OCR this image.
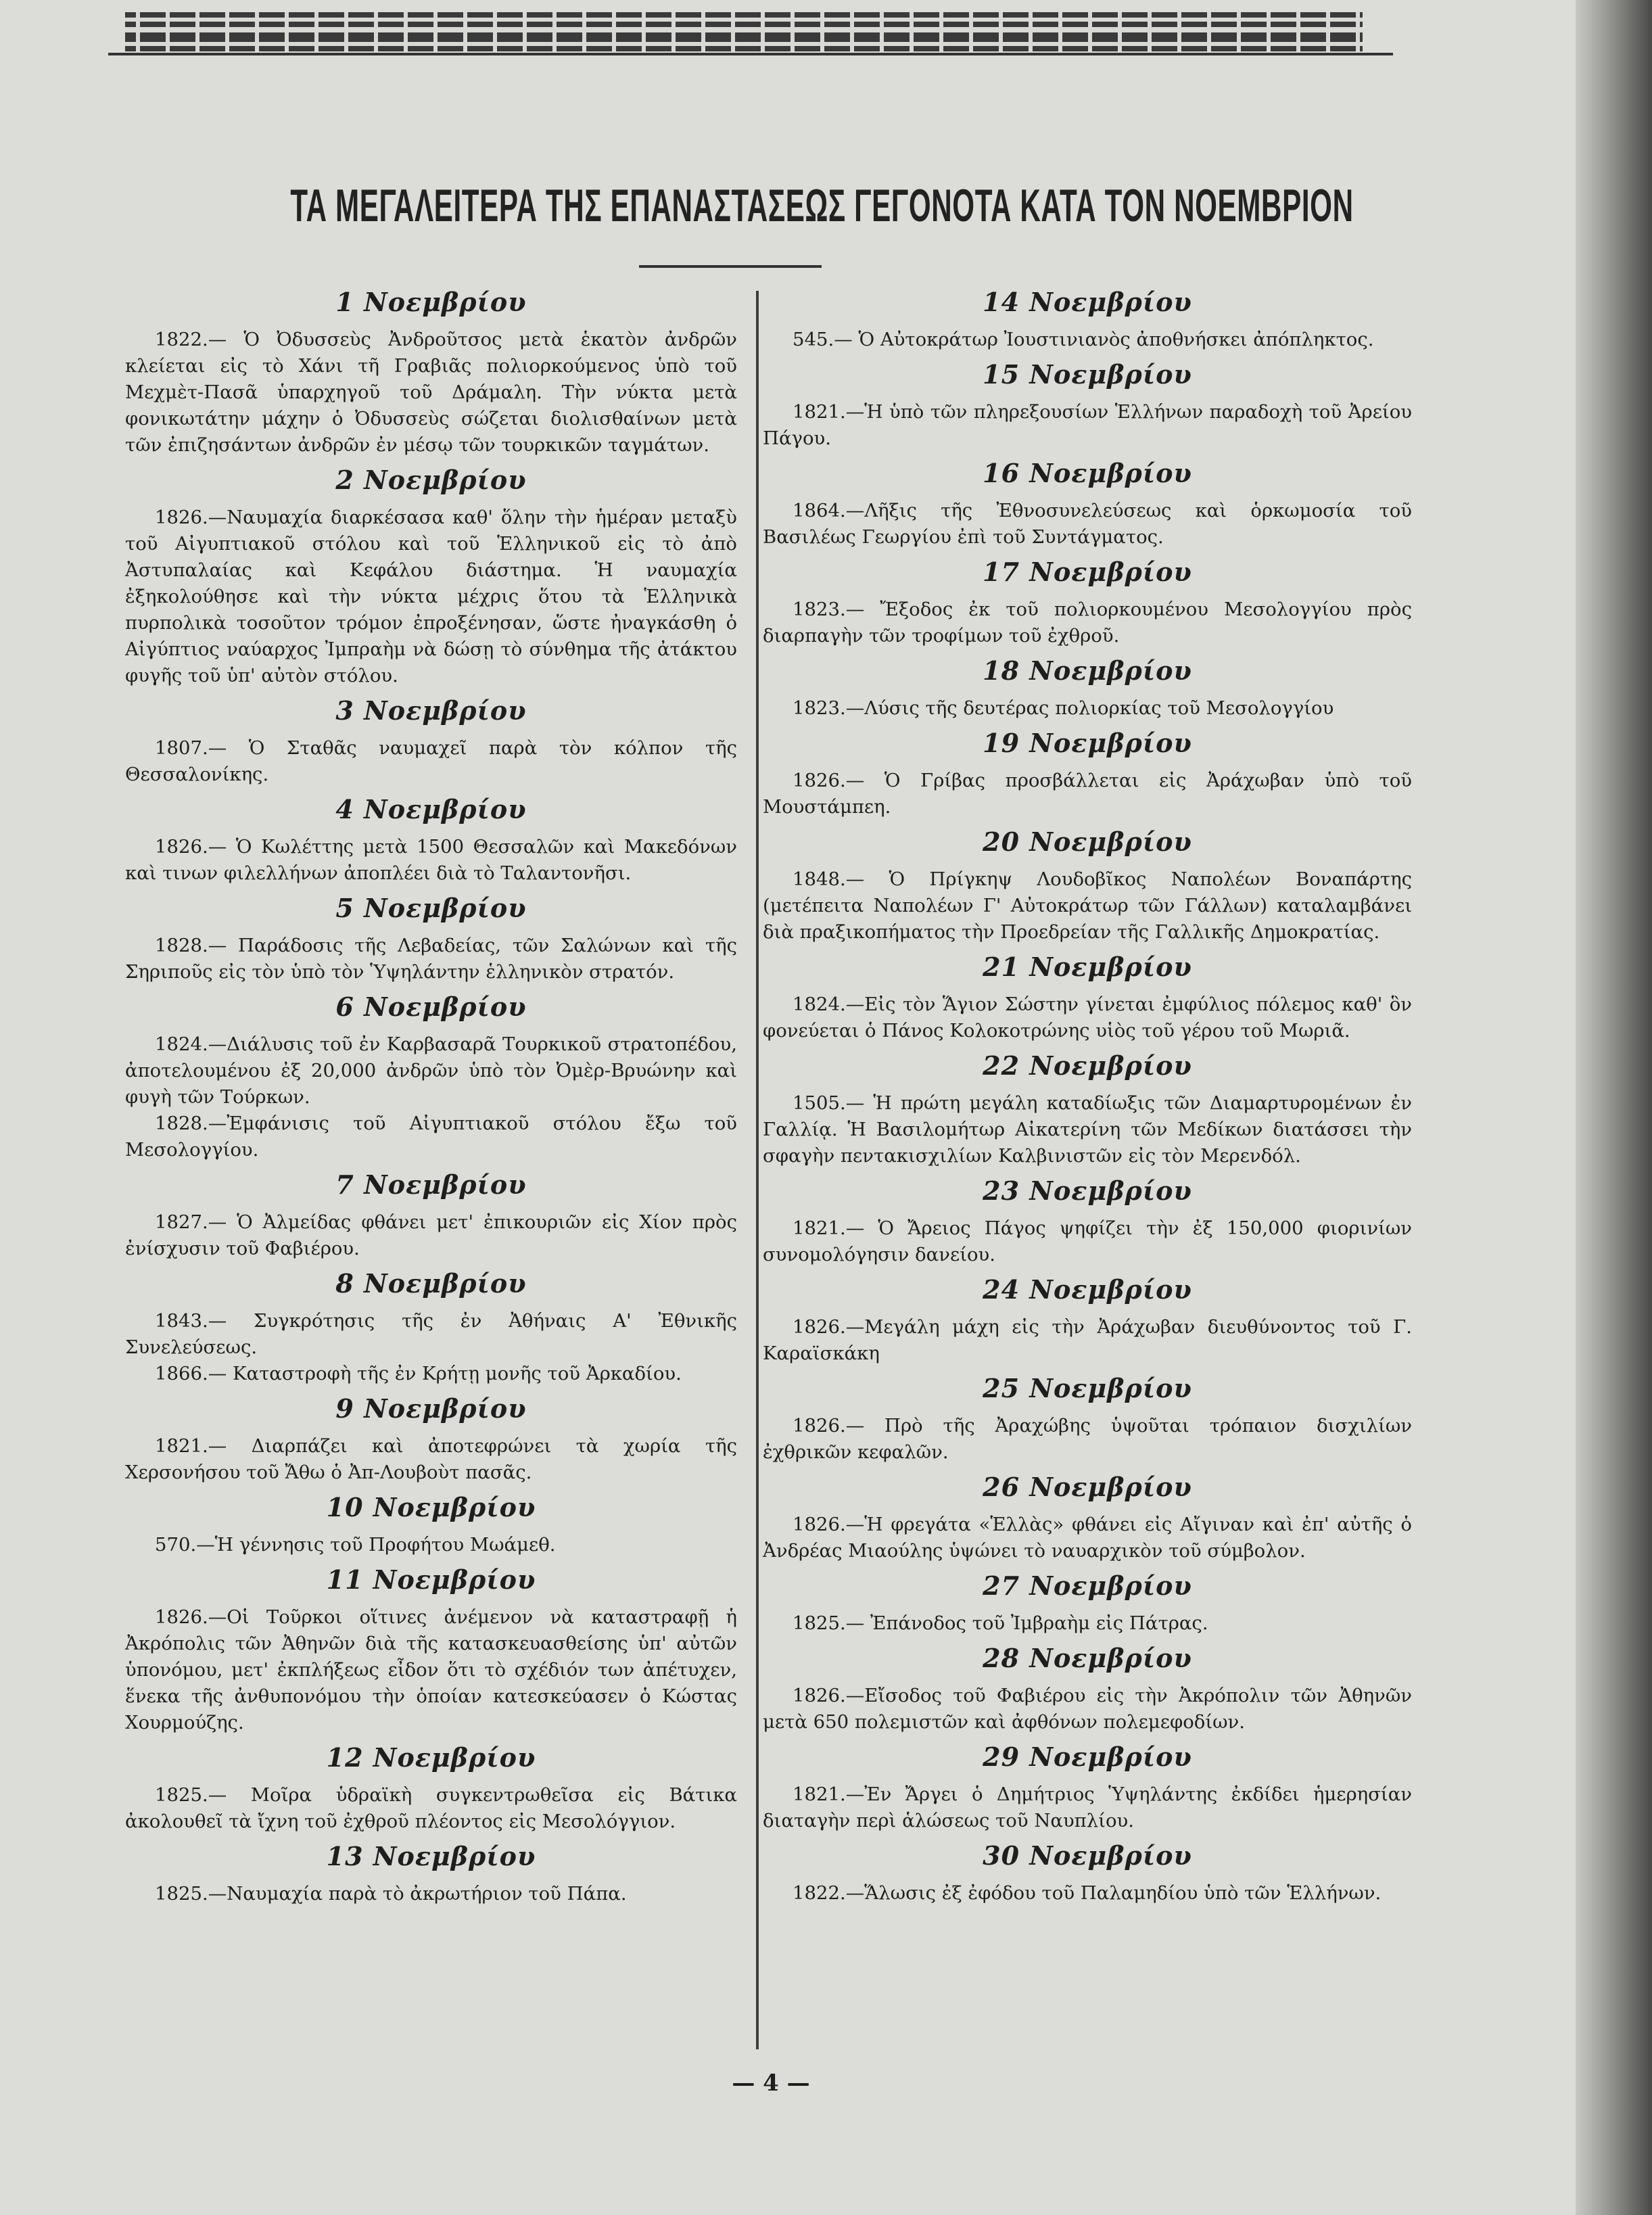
ΤΑ ΜΕΓΑΛΕΙΤΕΡΑ ΤΗΣ ΕΠΑΝΑΣΤΑΣΕΩΣ ΓΕΓΟΝΟΤΑ ΚΑΤΑ ΤΟΝ ΝΟΕΜΒΡΙΟΝ
1 Νοεμβρίου

1822.— Ὁ Ὀδυσσεὺς Ἀνδροῦτσος μετὰ ἑκατὸν ἀνδρῶν κλείεται εἰς τὸ Χάνι τῆ Γραβιᾶς πολιορκούμενος ὑπὸ τοῦ Μεχμὲτ-Πασᾶ ὑπαρχηγοῦ τοῦ Δράμαλη. Τὴν νύκτα μετὰ φονικωτάτην μάχην ὁ Ὀδυσσεὺς σώζεται διολισθαίνων μετὰ τῶν ἐπιζησάντων ἀνδρῶν ἐν μέσῳ τῶν τουρκικῶν ταγμάτων.

2 Νοεμβρίου

1826.—Ναυμαχία διαρκέσασα καθ' ὅλην τὴν ἡμέραν μεταξὺ τοῦ Αἰγυπτιακοῦ στόλου καὶ τοῦ Ἑλληνικοῦ εἰς τὸ ἀπὸ Ἀστυπαλαίας καὶ Κεφάλου διάστημα. Ἡ ναυμαχία ἐξηκολούθησε καὶ τὴν νύκτα μέχρις ὅτου τὰ Ἑλληνικὰ πυρπολικὰ τοσοῦτον τρόμον ἐπροξένησαν, ὥστε ἠναγκάσθη ὁ Αἰγύπτιος ναύαρχος Ἰμπραὴμ νὰ δώσῃ τὸ σύνθημα τῆς ἀτάκτου φυγῆς τοῦ ὑπ' αὐτὸν στόλου.

3 Νοεμβρίου

1807.— Ὁ Σταθᾶς ναυμαχεῖ παρὰ τὸν κόλπον τῆς Θεσσαλονίκης.

4 Νοεμβρίου

1826.— Ὁ Κωλέττης μετὰ 1500 Θεσσαλῶν καὶ Μακεδόνων καὶ τινων φιλελλήνων ἀποπλέει διὰ τὸ Ταλαντονῆσι.

5 Νοεμβρίου

1828.— Παράδοσις τῆς Λεβαδείας, τῶν Σαλώνων καὶ τῆς Σηριποῦς εἰς τὸν ὑπὸ τὸν Ὑψηλάντην ἑλληνικὸν στρατόν.

6 Νοεμβρίου

1824.—Διάλυσις τοῦ ἐν Καρβασαρᾶ Τουρκικοῦ στρατοπέδου, ἀποτελουμένου ἐξ 20,000 ἀνδρῶν ὑπὸ τὸν Ὀμὲρ-Βρυώνην καὶ φυγὴ τῶν Τούρκων.

1828.—Ἐμφάνισις τοῦ Αἰγυπτιακοῦ στόλου ἔξω τοῦ Μεσολογγίου.

7 Νοεμβρίου

1827.— Ὁ Ἀλμείδας φθάνει μετ' ἐπικουριῶν εἰς Χίον πρὸς ἐνίσχυσιν τοῦ Φαβιέρου.

8 Νοεμβρίου

1843.— Συγκρότησις τῆς ἐν Ἀθήναις Α' Ἐθνικῆς Συνελεύσεως.

1866.— Καταστροφὴ τῆς ἐν Κρήτῃ μονῆς τοῦ Ἀρκαδίου.

9 Νοεμβρίου

1821.— Διαρπάζει καὶ ἀποτεφρώνει τὰ χωρία τῆς Χερσονήσου τοῦ Ἄθω ὁ Ἀπ-Λουβοὺτ πασᾶς.

10 Νοεμβρίου

570.—Ἡ γέννησις τοῦ Προφήτου Μωάμεθ.

11 Νοεμβρίου

1826.—Οἱ Τοῦρκοι οἵτινες ἀνέμενον νὰ καταστραφῇ ἡ Ἀκρόπολις τῶν Ἀθηνῶν διὰ τῆς κατασκευασθείσης ὑπ' αὐτῶν ὑπονόμου, μετ' ἐκπλήξεως εἶδον ὅτι τὸ σχέδιόν των ἀπέτυχεν, ἕνεκα τῆς ἀνθυπονόμου τὴν ὁποίαν κατεσκεύασεν ὁ Κώστας Χουρμούζης.

12 Νοεμβρίου

1825.— Μοῖρα ὑδραϊκὴ συγκεντρωθεῖσα εἰς Βάτικα ἀκολουθεῖ τὰ ἴχνη τοῦ ἐχθροῦ πλέοντος εἰς Μεσολόγγιον.

13 Νοεμβρίου

1825.—Ναυμαχία παρὰ τὸ ἀκρωτήριον τοῦ Πάπα.

14 Νοεμβρίου

545.— Ὁ Αὐτοκράτωρ Ἰουστινιανὸς ἀποθνήσκει ἀπόπληκτος.

15 Νοεμβρίου

1821.—Ἡ ὑπὸ τῶν πληρεξουσίων Ἑλλήνων παραδοχὴ τοῦ Ἀρείου Πάγου.

16 Νοεμβρίου

1864.—Λῆξις τῆς Ἐθνοσυνελεύσεως καὶ ὁρκωμοσία τοῦ Βασιλέως Γεωργίου ἐπὶ τοῦ Συντάγματος.

17 Νοεμβρίου

1823.— Ἔξοδος ἐκ τοῦ πολιορκουμένου Μεσολογγίου πρὸς διαρπαγὴν τῶν τροφίμων τοῦ ἐχθροῦ.

18 Νοεμβρίου

1823.—Λύσις τῆς δευτέρας πολιορκίας τοῦ Μεσολογγίου

19 Νοεμβρίου

1826.— Ὁ Γρίβας προσβάλλεται εἰς Ἀράχωβαν ὑπὸ τοῦ Μουστάμπεη.

20 Νοεμβρίου

1848.— Ὁ Πρίγκηψ Λουδοβῖκος Ναπολέων Βοναπάρτης (μετέπειτα Ναπολέων Γ' Αὐτοκράτωρ τῶν Γάλλων) καταλαμβάνει διὰ πραξικοπήματος τὴν Προεδρείαν τῆς Γαλλικῆς Δημοκρατίας.

21 Νοεμβρίου

1824.—Εἰς τὸν Ἅγιον Σώστην γίνεται ἐμφύλιος πόλεμος καθ' ὃν φονεύεται ὁ Πάνος Κολοκοτρώνης υἱὸς τοῦ γέρου τοῦ Μωριᾶ.

22 Νοεμβρίου

1505.— Ἡ πρώτη μεγάλη καταδίωξις τῶν Διαμαρτυρομένων ἐν Γαλλίᾳ. Ἡ Βασιλομήτωρ Αἰκατερίνη τῶν Μεδίκων διατάσσει τὴν σφαγὴν πεντακισχιλίων Καλβινιστῶν εἰς τὸν Μερενδόλ.

23 Νοεμβρίου

1821.— Ὁ Ἄρειος Πάγος ψηφίζει τὴν ἐξ 150,000 φιορινίων συνομολόγησιν δανείου.

24 Νοεμβρίου

1826.—Μεγάλη μάχη εἰς τὴν Ἀράχωβαν διευθύνοντος τοῦ Γ. Καραϊσκάκη

25 Νοεμβρίου

1826.— Πρὸ τῆς Ἀραχώβης ὑψοῦται τρόπαιον δισχιλίων ἐχθρικῶν κεφαλῶν.

26 Νοεμβρίου

1826.—Ἡ φρεγάτα «Ἑλλὰς» φθάνει εἰς Αἴγιναν καὶ ἐπ' αὐτῆς ὁ Ἀνδρέας Μιαούλης ὑψώνει τὸ ναυαρχικὸν τοῦ σύμβολον.

27 Νοεμβρίου

1825.— Ἐπάνοδος τοῦ Ἰμβραὴμ εἰς Πάτρας.

28 Νοεμβρίου

1826.—Εἴσοδος τοῦ Φαβιέρου εἰς τὴν Ἀκρόπολιν τῶν Ἀθηνῶν μετὰ 650 πολεμιστῶν καὶ ἀφθόνων πολεμεφοδίων.

29 Νοεμβρίου

1821.—Ἐν Ἄργει ὁ Δημήτριος Ὑψηλάντης ἐκδίδει ἡμερησίαν διαταγὴν περὶ ἁλώσεως τοῦ Ναυπλίου.

30 Νοεμβρίου

1822.—Ἅλωσις ἐξ ἐφόδου τοῦ Παλαμηδίου ὑπὸ τῶν Ἑλλήνων.

— 4 —
